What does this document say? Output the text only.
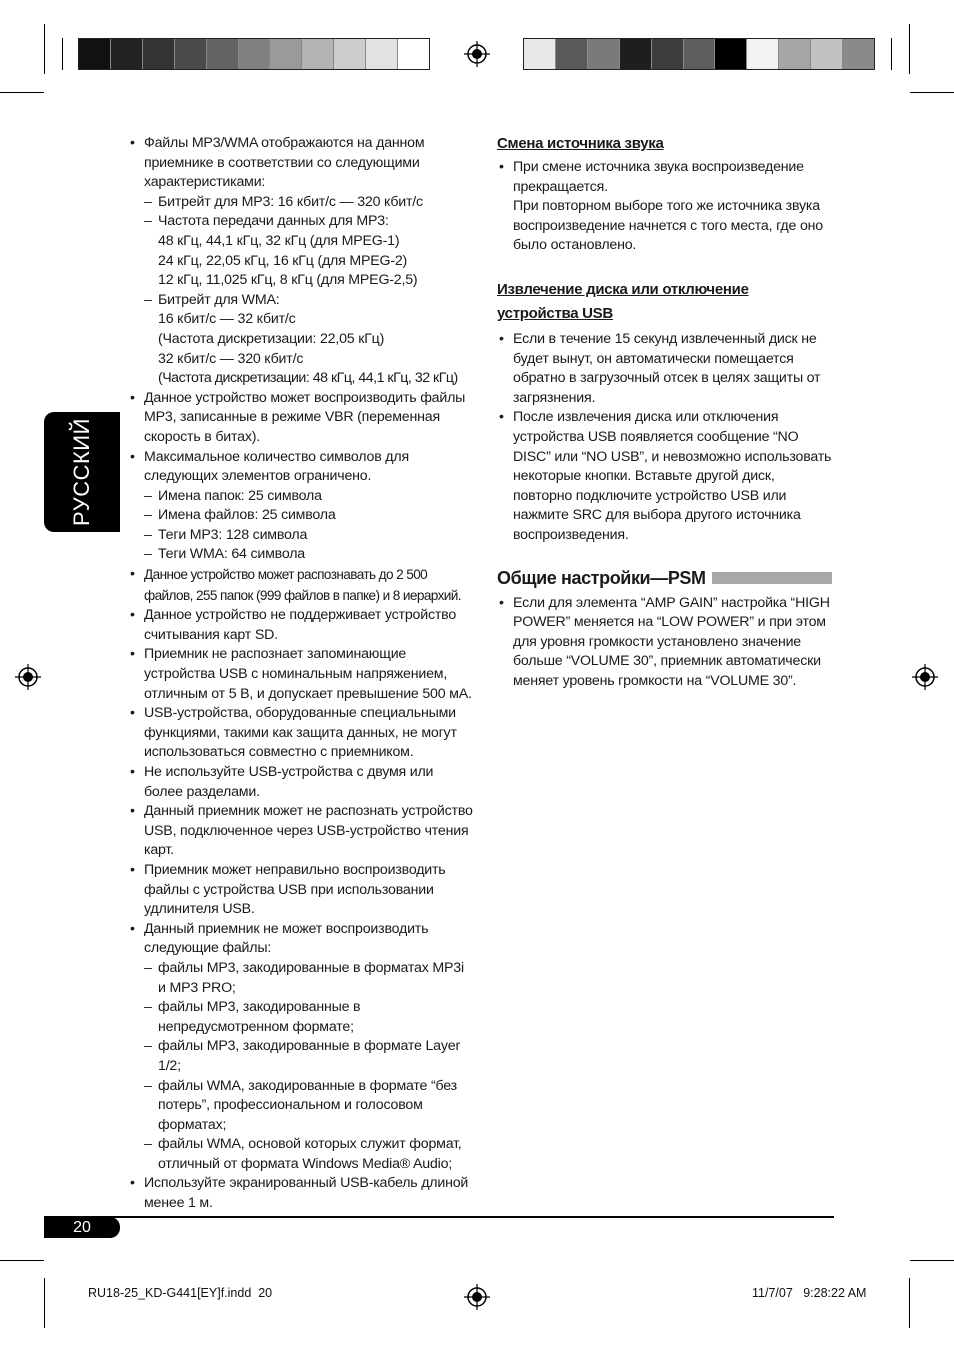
РУССКИЙ
• Файлы MP3/WMA отображаются на данном приемнике в соответствии со следующими характеристиками:
– Битрейт для MP3: 16 кбит/с — 320 кбит/с
– Частота передачи данных для MP3:
48 кГц, 44,1 кГц, 32 кГц (для MPEG-1)
24 кГц, 22,05 кГц, 16 кГц (для MPEG-2)
12 кГц, 11,025 кГц, 8 кГц (для MPEG-2,5)
– Битрейт для WMA:
16 кбит/с — 32 кбит/с
(Частота дискретизации: 22,05 кГц)
32 кбит/с — 320 кбит/с
(Частота дискретизации: 48 кГц, 44,1 кГц, 32 кГц)
• Данное устройство может воспроизводить файлы MP3, записанные в режиме VBR (переменная скорость в битах).
• Максимальное количество символов для следующих элементов ограничено.
– Имена папок: 25 символа
– Имена файлов: 25 символа
– Теги MP3: 128 символа
– Теги WMA: 64 символа
• Данное устройство может распознавать до 2 500 файлов, 255 папок (999 файлов в папке) и 8 иерархий.
• Данное устройство не поддерживает устройство считывания карт SD.
• Приемник не распознает запоминающие устройства USB с номинальным напряжением, отличным от 5 В, и допускает превышение 500 мА.
• USB-устройства, оборудованные специальными функциями, такими как защита данных, не могут использоваться совместно с приемником.
• Не используйте USB-устройства с двумя или более разделами.
• Данный приемник может не распознать устройство USB, подключенное через USB-устройство чтения карт.
• Приемник может неправильно воспроизводить файлы с устройства USB при использовании удлинителя USB.
• Данный приемник не может воспроизводить следующие файлы:
– файлы MP3, закодированные в форматах MP3i и MP3 PRO;
– файлы MP3, закодированные в непредусмотренном формате;
– файлы MP3, закодированные в формате Layer 1/2;
– файлы WMA, закодированные в формате “без потерь”, профессиональном и голосовом форматах;
– файлы WMA, основой которых служит формат, отличный от формата Windows Media® Audio;
• Используйте экранированный USB-кабель длиной менее 1 м.
Смена источника звука
• При смене источника звука воспроизведение прекращается.
При повторном выборе того же источника звука воспроизведение начнется с того места, где оно было остановлено.
Извлечение диска или отключение
устройства USB
• Если в течение 15 секунд извлеченный диск не будет вынут, он автоматически помещается обратно в загрузочный отсек в целях защиты от загрязнения.
• После извлечения диска или отключения устройства USB появляется сообщение “NO DISC” или “NO USB”, и невозможно использовать некоторые кнопки. Вставьте другой диск, повторно подключите устройство USB или нажмите SRC для выбора другого источника воспроизведения.
Общие настройки—PSM
• Если для элемента “AMP GAIN” настройка “HIGH POWER” меняется на “LOW POWER” и при этом для уровня громкости установлено значение больше “VOLUME 30”, приемник автоматически меняет уровень громкости на “VOLUME 30”.
20
RU18-25_KD-G441[EY]f.indd 20	11/7/07 9:28:22 AM
